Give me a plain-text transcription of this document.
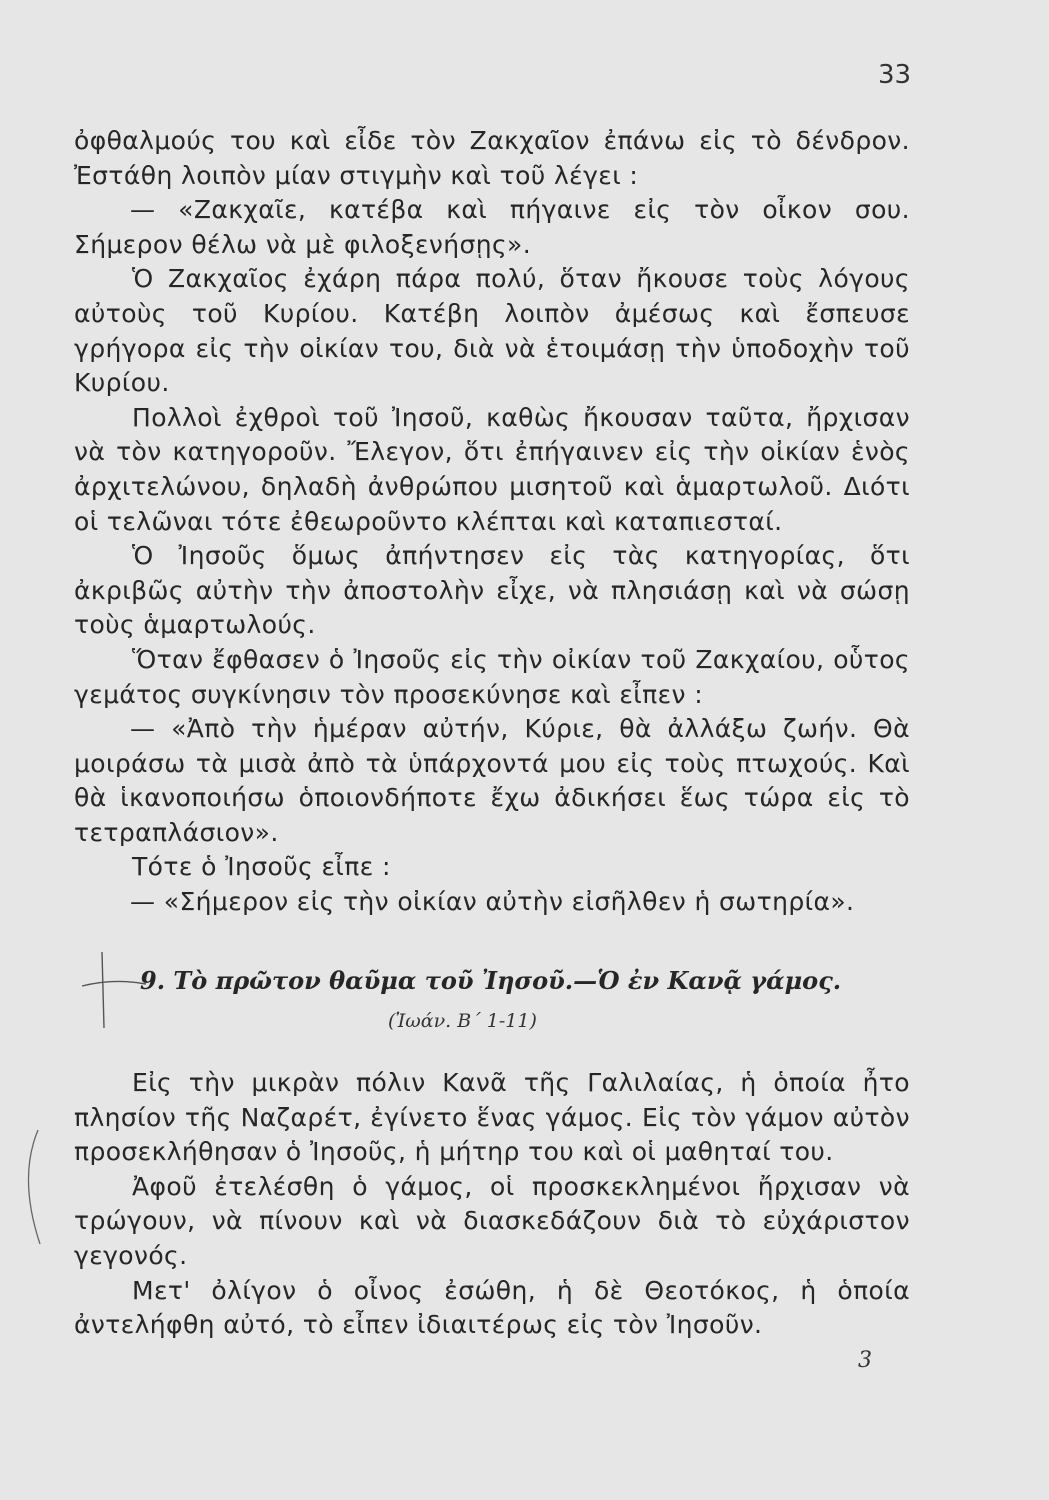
33

ὀφθαλμούς του καὶ εἶδε τὸν Ζακχαῖον ἐπάνω εἰς τὸ δένδρον. Ἐστάθη λοιπὸν μίαν στιγμὴν καὶ τοῦ λέγει :

— «Ζακχαῖε, κατέβα καὶ πήγαινε εἰς τὸν οἶκον σου. Σήμερον θέλω νὰ μὲ φιλοξενήσῃς».

Ὁ Ζακχαῖος ἐχάρη πάρα πολύ, ὅταν ἤκουσε τοὺς λόγους αὐτοὺς τοῦ Κυρίου. Κατέβη λοιπὸν ἀμέσως καὶ ἔσπευσε γρήγορα εἰς τὴν οἰκίαν του, διὰ νὰ ἑτοιμάσῃ τὴν ὑποδοχὴν τοῦ Κυρίου.

Πολλοὶ ἐχθροὶ τοῦ Ἰησοῦ, καθὼς ἤκουσαν ταῦτα, ἤρχισαν νὰ τὸν κατηγοροῦν. Ἔλεγον, ὅτι ἐπήγαινεν εἰς τὴν οἰκίαν ἑνὸς ἀρχιτελώνου, δηλαδὴ ἀνθρώπου μισητοῦ καὶ ἁμαρτωλοῦ. Διότι οἱ τελῶναι τότε ἐθεωροῦντο κλέπται καὶ καταπιεσταί.

Ὁ Ἰησοῦς ὅμως ἀπήντησεν εἰς τὰς κατηγορίας, ὅτι ἀκριβῶς αὐτὴν τὴν ἀποστολὴν εἶχε, νὰ πλησιάσῃ καὶ νὰ σώσῃ τοὺς ἁμαρτωλούς.

Ὅταν ἔφθασεν ὁ Ἰησοῦς εἰς τὴν οἰκίαν τοῦ Ζακχαίου, οὗτος γεμάτος συγκίνησιν τὸν προσεκύνησε καὶ εἶπεν :

— «Ἀπὸ τὴν ἡμέραν αὐτήν, Κύριε, θὰ ἀλλάξω ζωήν. Θὰ μοιράσω τὰ μισὰ ἀπὸ τὰ ὑπάρχοντά μου εἰς τοὺς πτωχούς. Καὶ θὰ ἱκανοποιήσω ὁποιονδήποτε ἔχω ἀδικήσει ἕως τώρα εἰς τὸ τετραπλάσιον».

Τότε ὁ Ἰησοῦς εἶπε :

— «Σήμερον εἰς τὴν οἰκίαν αὐτὴν εἰσῆλθεν ἡ σωτηρία».

9. Τὸ πρῶτον θαῦμα τοῦ Ἰησοῦ.—Ὁ ἐν Κανᾷ γάμος.
(Ἰωάν. Β΄ 1-11)

Εἰς τὴν μικρὰν πόλιν Κανᾶ τῆς Γαλιλαίας, ἡ ὁποία ἦτο πλησίον τῆς Ναζαρέτ, ἐγίνετο ἕνας γάμος. Εἰς τὸν γάμον αὐτὸν προσεκλήθησαν ὁ Ἰησοῦς, ἡ μήτηρ του καὶ οἱ μαθηταί του.

Ἀφοῦ ἐτελέσθη ὁ γάμος, οἱ προσκεκλημένοι ἤρχισαν νὰ τρώγουν, νὰ πίνουν καὶ νὰ διασκεδάζουν διὰ τὸ εὐχάριστον γεγονός.

Μετ' ὀλίγον ὁ οἶνος ἐσώθη, ἡ δὲ Θεοτόκος, ἡ ὁποία ἀντελήφθη αὐτό, τὸ εἶπεν ἰδιαιτέρως εἰς τὸν Ἰησοῦν.

3
